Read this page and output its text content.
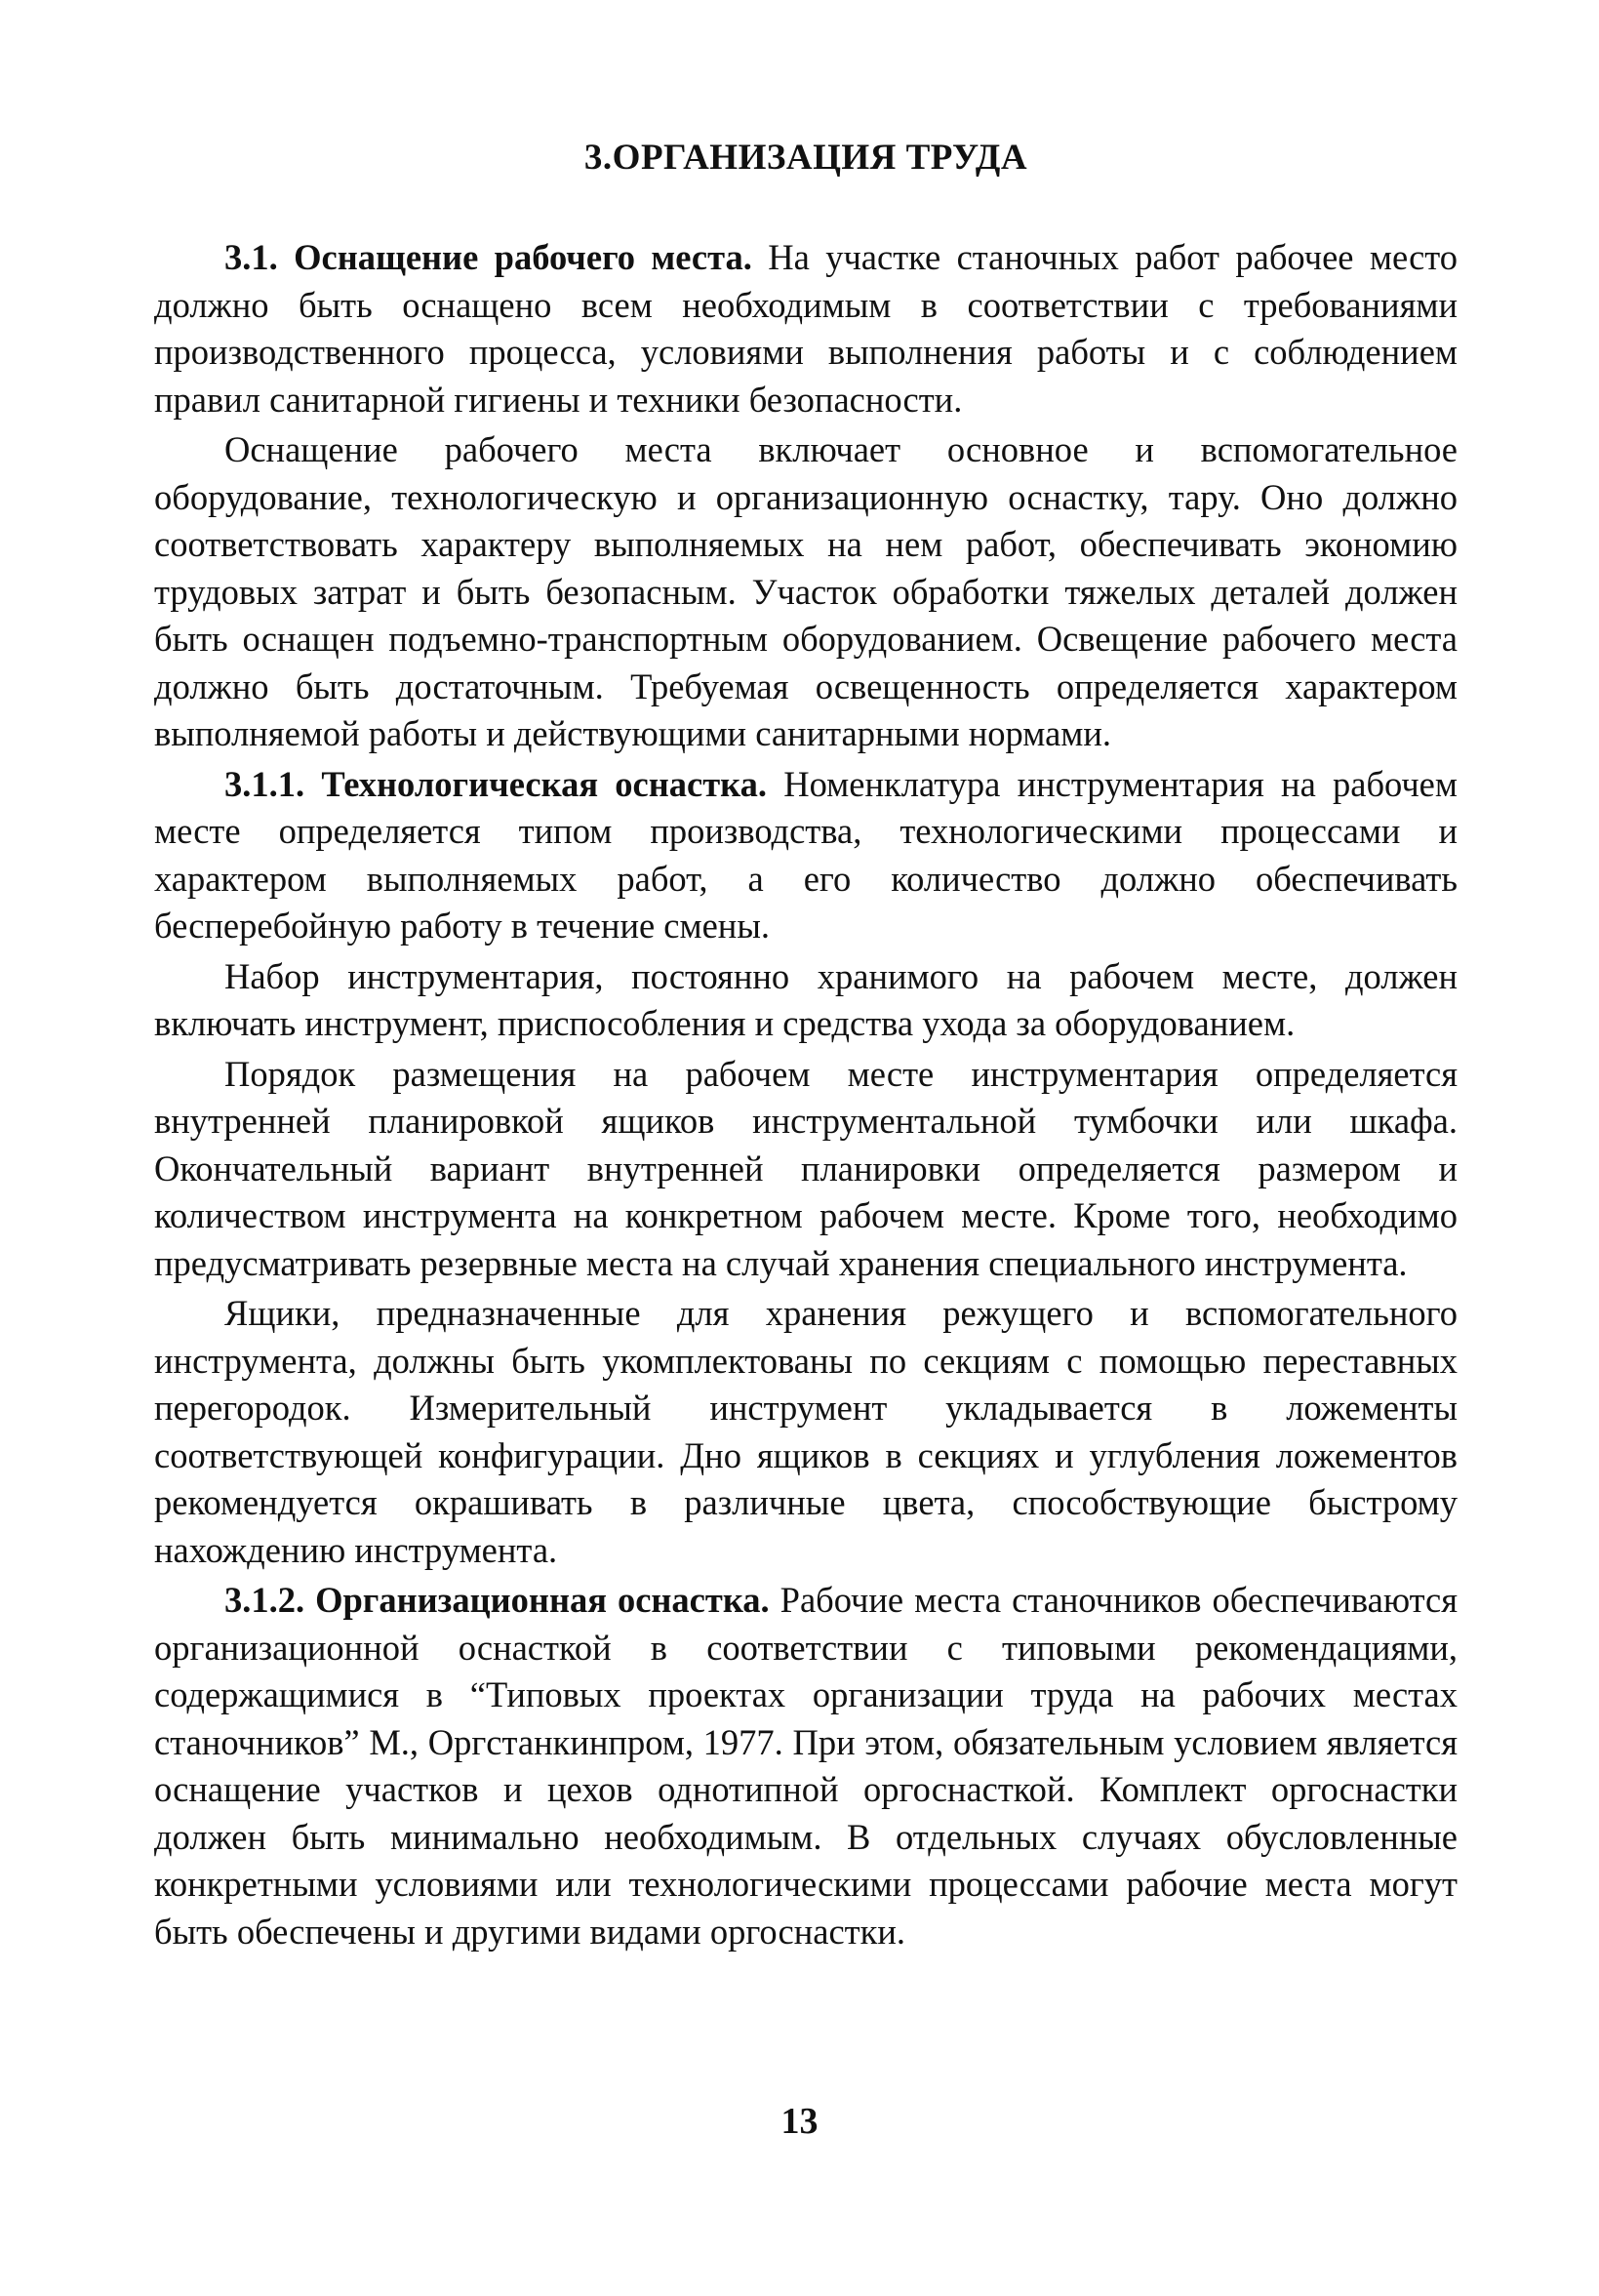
3.ОРГАНИЗАЦИЯ ТРУДА

3.1. Оснащение рабочего места. На участке станочных работ рабочее место должно быть оснащено всем необходимым в соответствии с требованиями производственного процесса, условиями выполнения работы и с соблюдением правил санитарной гигиены и техники безопасности.

Оснащение рабочего места включает основное и вспомогательное оборудование, технологическую и организационную оснастку, тару. Оно должно соответствовать характеру выполняемых на нем работ, обеспечивать экономию трудовых затрат и быть безопасным. Участок обработки тяжелых деталей должен быть оснащен подъемно-транспортным оборудованием. Освещение рабочего места должно быть достаточным. Требуемая освещенность определяется характером выполняемой работы и действующими санитарными нормами.

3.1.1. Технологическая оснастка. Номенклатура инструментария на рабочем месте определяется типом производства, технологическими процессами и характером выполняемых работ, а его количество должно обеспечивать бесперебойную работу в течение смены.

Набор инструментария, постоянно хранимого на рабочем месте, должен включать инструмент, приспособления и средства ухода за оборудованием.

Порядок размещения на рабочем месте инструментария определяется внутренней планировкой ящиков инструментальной тумбочки или шкафа. Окончательный вариант внутренней планировки определяется размером и количеством инструмента на конкретном рабочем месте. Кроме того, необходимо предусматривать резервные места на случай хранения специального инструмента.

Ящики, предназначенные для хранения режущего и вспомогательного инструмента, должны быть укомплектованы по секциям с помощью переставных перегородок. Измерительный инструмент укладывается в ложементы соответствующей конфигурации. Дно ящиков в секциях и углубления ложементов рекомендуется окрашивать в различные цвета, способствующие быстрому нахождению инструмента.

3.1.2. Организационная оснастка. Рабочие места станочников обеспечиваются организационной оснасткой в соответствии с типовыми рекомендациями, содержащимися в “Типовых проектах организации труда на рабочих местах станочников” М., Оргстанкинпром, 1977. При этом, обязательным условием является оснащение участков и цехов однотипной оргоснасткой. Комплект оргоснастки должен быть минимально необходимым. В отдельных случаях обусловленные конкретными условиями или технологическими процессами рабочие места могут быть обеспечены и другими видами оргоснастки.

13
